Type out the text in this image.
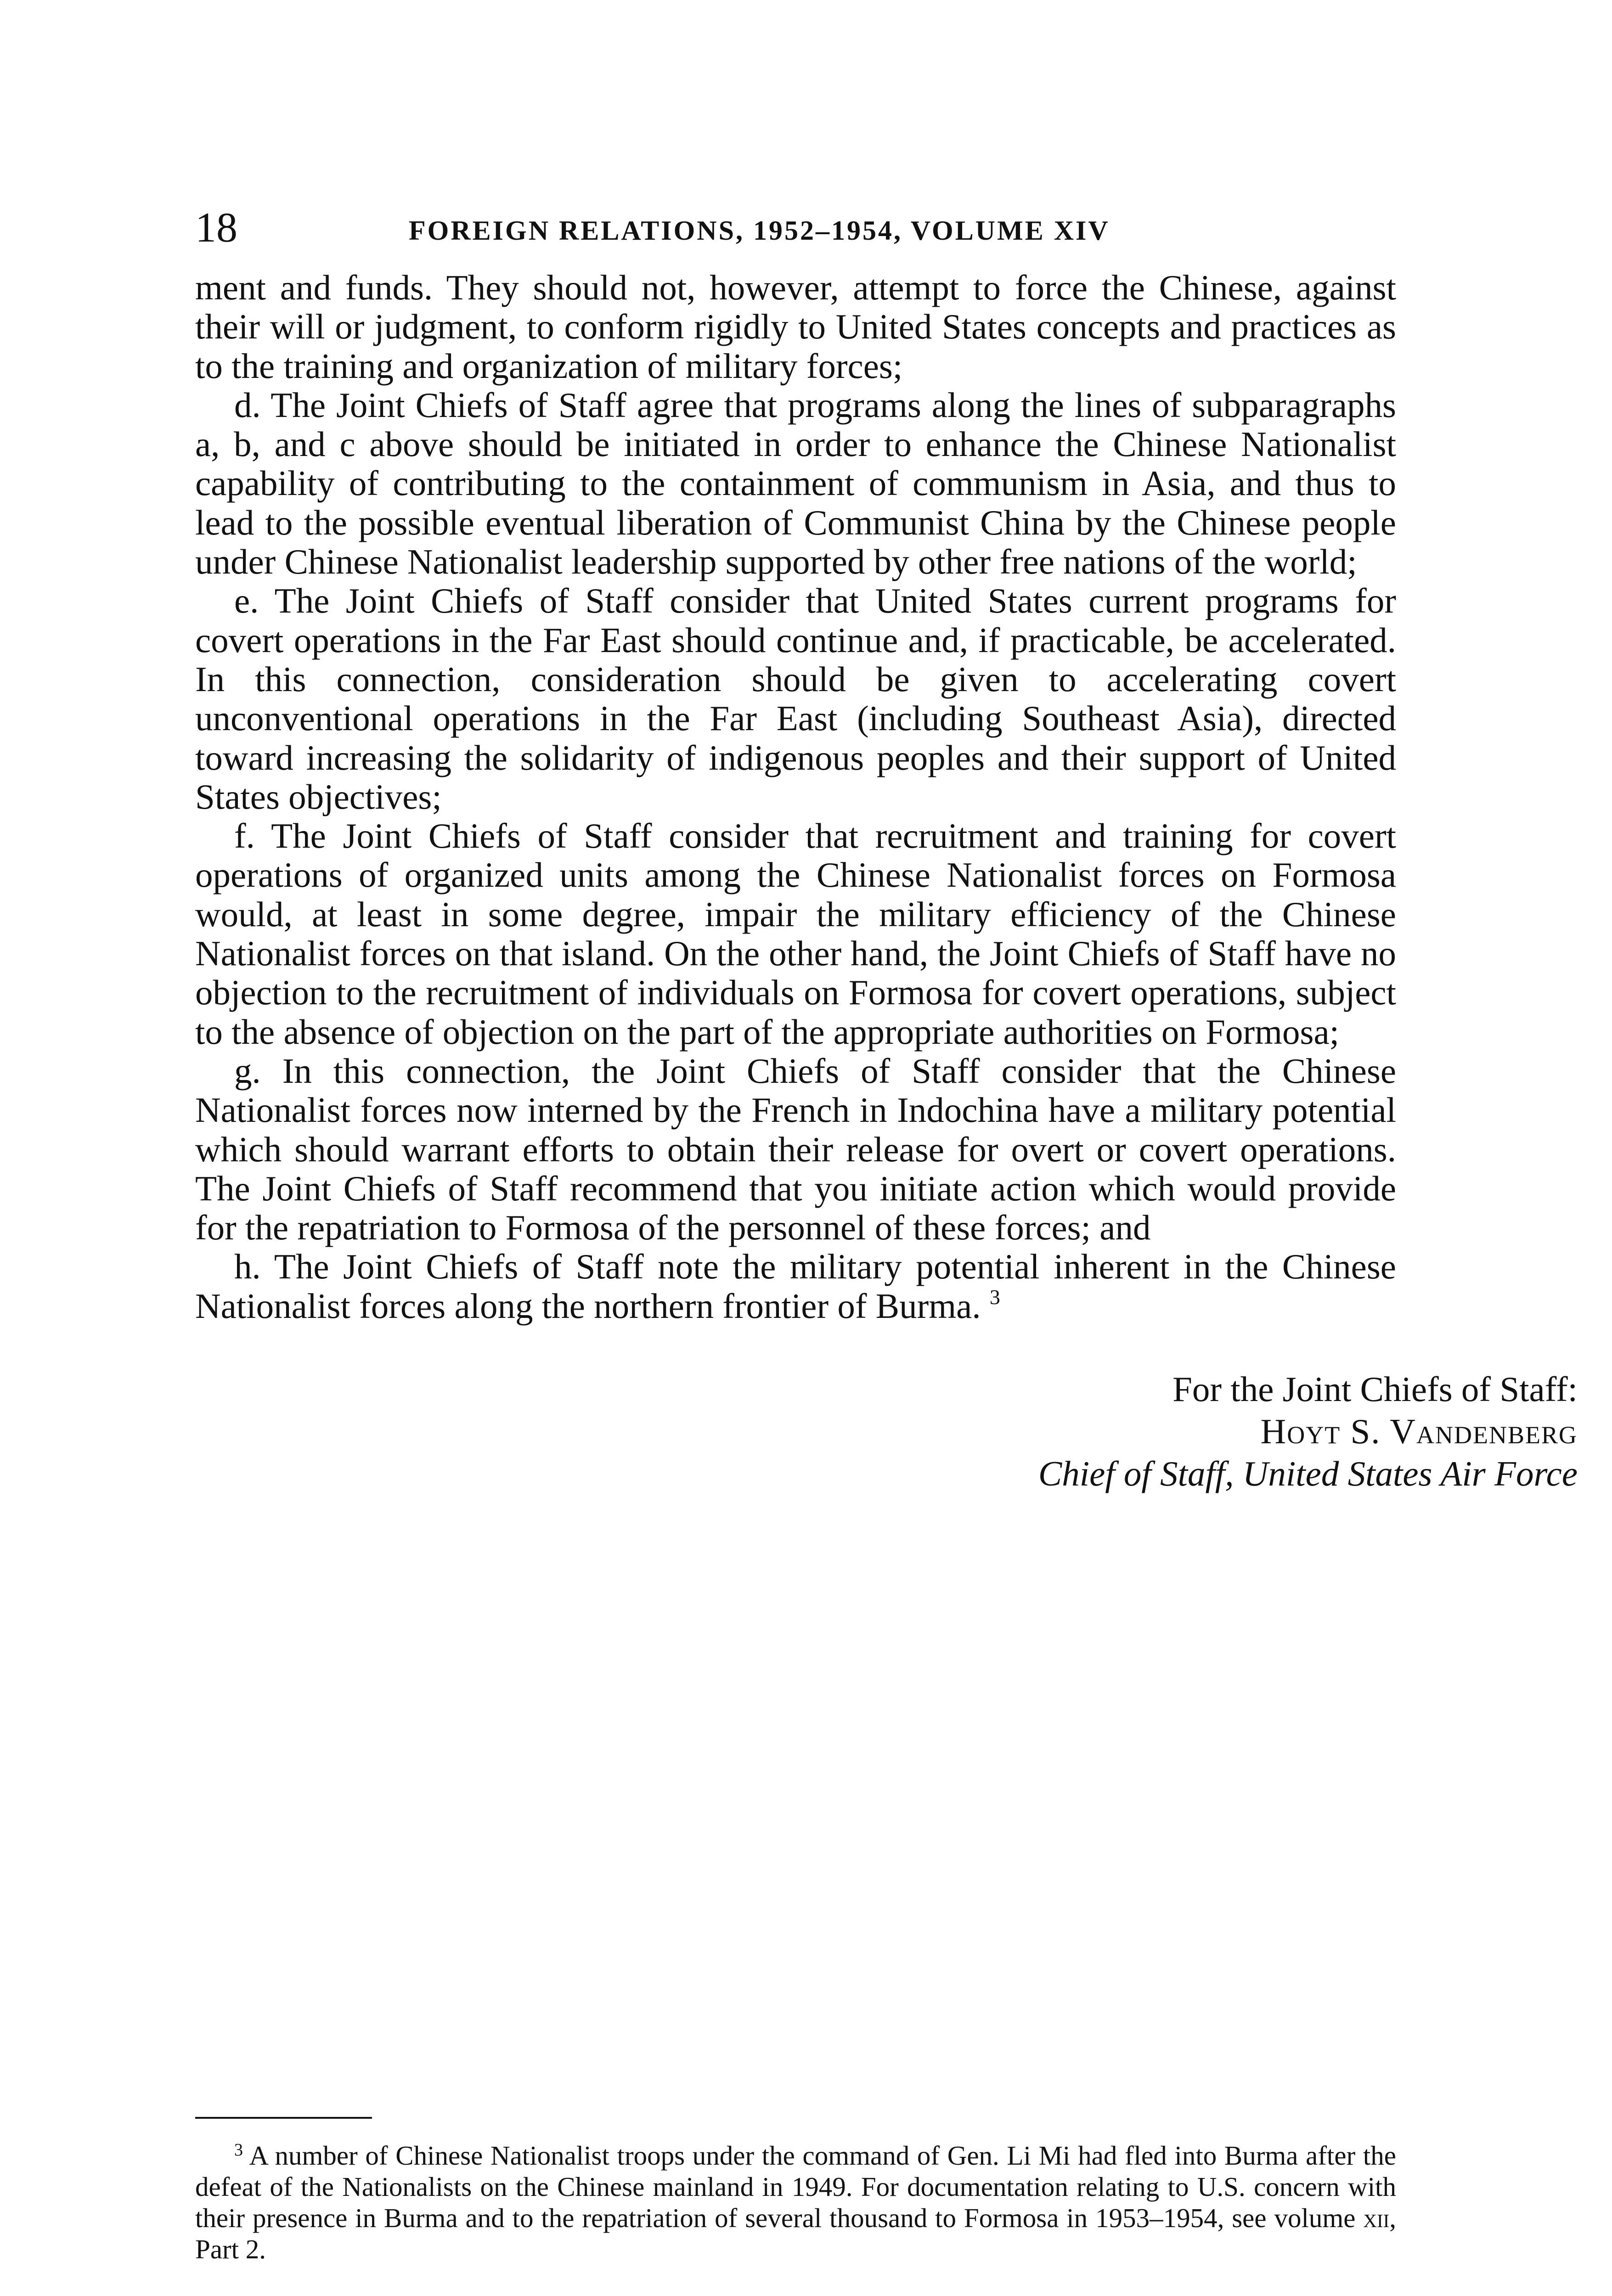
18	FOREIGN RELATIONS, 1952–1954, VOLUME XIV

ment and funds. They should not, however, attempt to force the Chinese, against their will or judgment, to conform rigidly to United States concepts and practices as to the training and organization of military forces;

d. The Joint Chiefs of Staff agree that programs along the lines of subparagraphs a, b, and c above should be initiated in order to enhance the Chinese Nationalist capability of contributing to the containment of communism in Asia, and thus to lead to the possible eventual liberation of Communist China by the Chinese people under Chinese Nationalist leadership supported by other free nations of the world;

e. The Joint Chiefs of Staff consider that United States current programs for covert operations in the Far East should continue and, if practicable, be accelerated. In this connection, consideration should be given to accelerating covert unconventional operations in the Far East (including Southeast Asia), directed toward increasing the solidarity of indigenous peoples and their support of United States objectives;

f. The Joint Chiefs of Staff consider that recruitment and training for covert operations of organized units among the Chinese Nationalist forces on Formosa would, at least in some degree, impair the military efficiency of the Chinese Nationalist forces on that island. On the other hand, the Joint Chiefs of Staff have no objection to the recruitment of individuals on Formosa for covert operations, subject to the absence of objection on the part of the appropriate authorities on Formosa;

g. In this connection, the Joint Chiefs of Staff consider that the Chinese Nationalist forces now interned by the French in Indochina have a military potential which should warrant efforts to obtain their release for overt or covert operations. The Joint Chiefs of Staff recommend that you initiate action which would provide for the repatriation to Formosa of the personnel of these forces; and

h. The Joint Chiefs of Staff note the military potential inherent in the Chinese Nationalist forces along the northern frontier of Burma. $^3$

For the Joint Chiefs of Staff:
Hoyt S. Vandenberg
Chief of Staff, United States Air Force
$^3$ A number of Chinese Nationalist troops under the command of Gen. Li Mi had fled into Burma after the defeat of the Nationalists on the Chinese mainland in 1949. For documentation relating to U.S. concern with their presence in Burma and to the repatriation of several thousand to Formosa in 1953–1954, see volume xii, Part 2.
